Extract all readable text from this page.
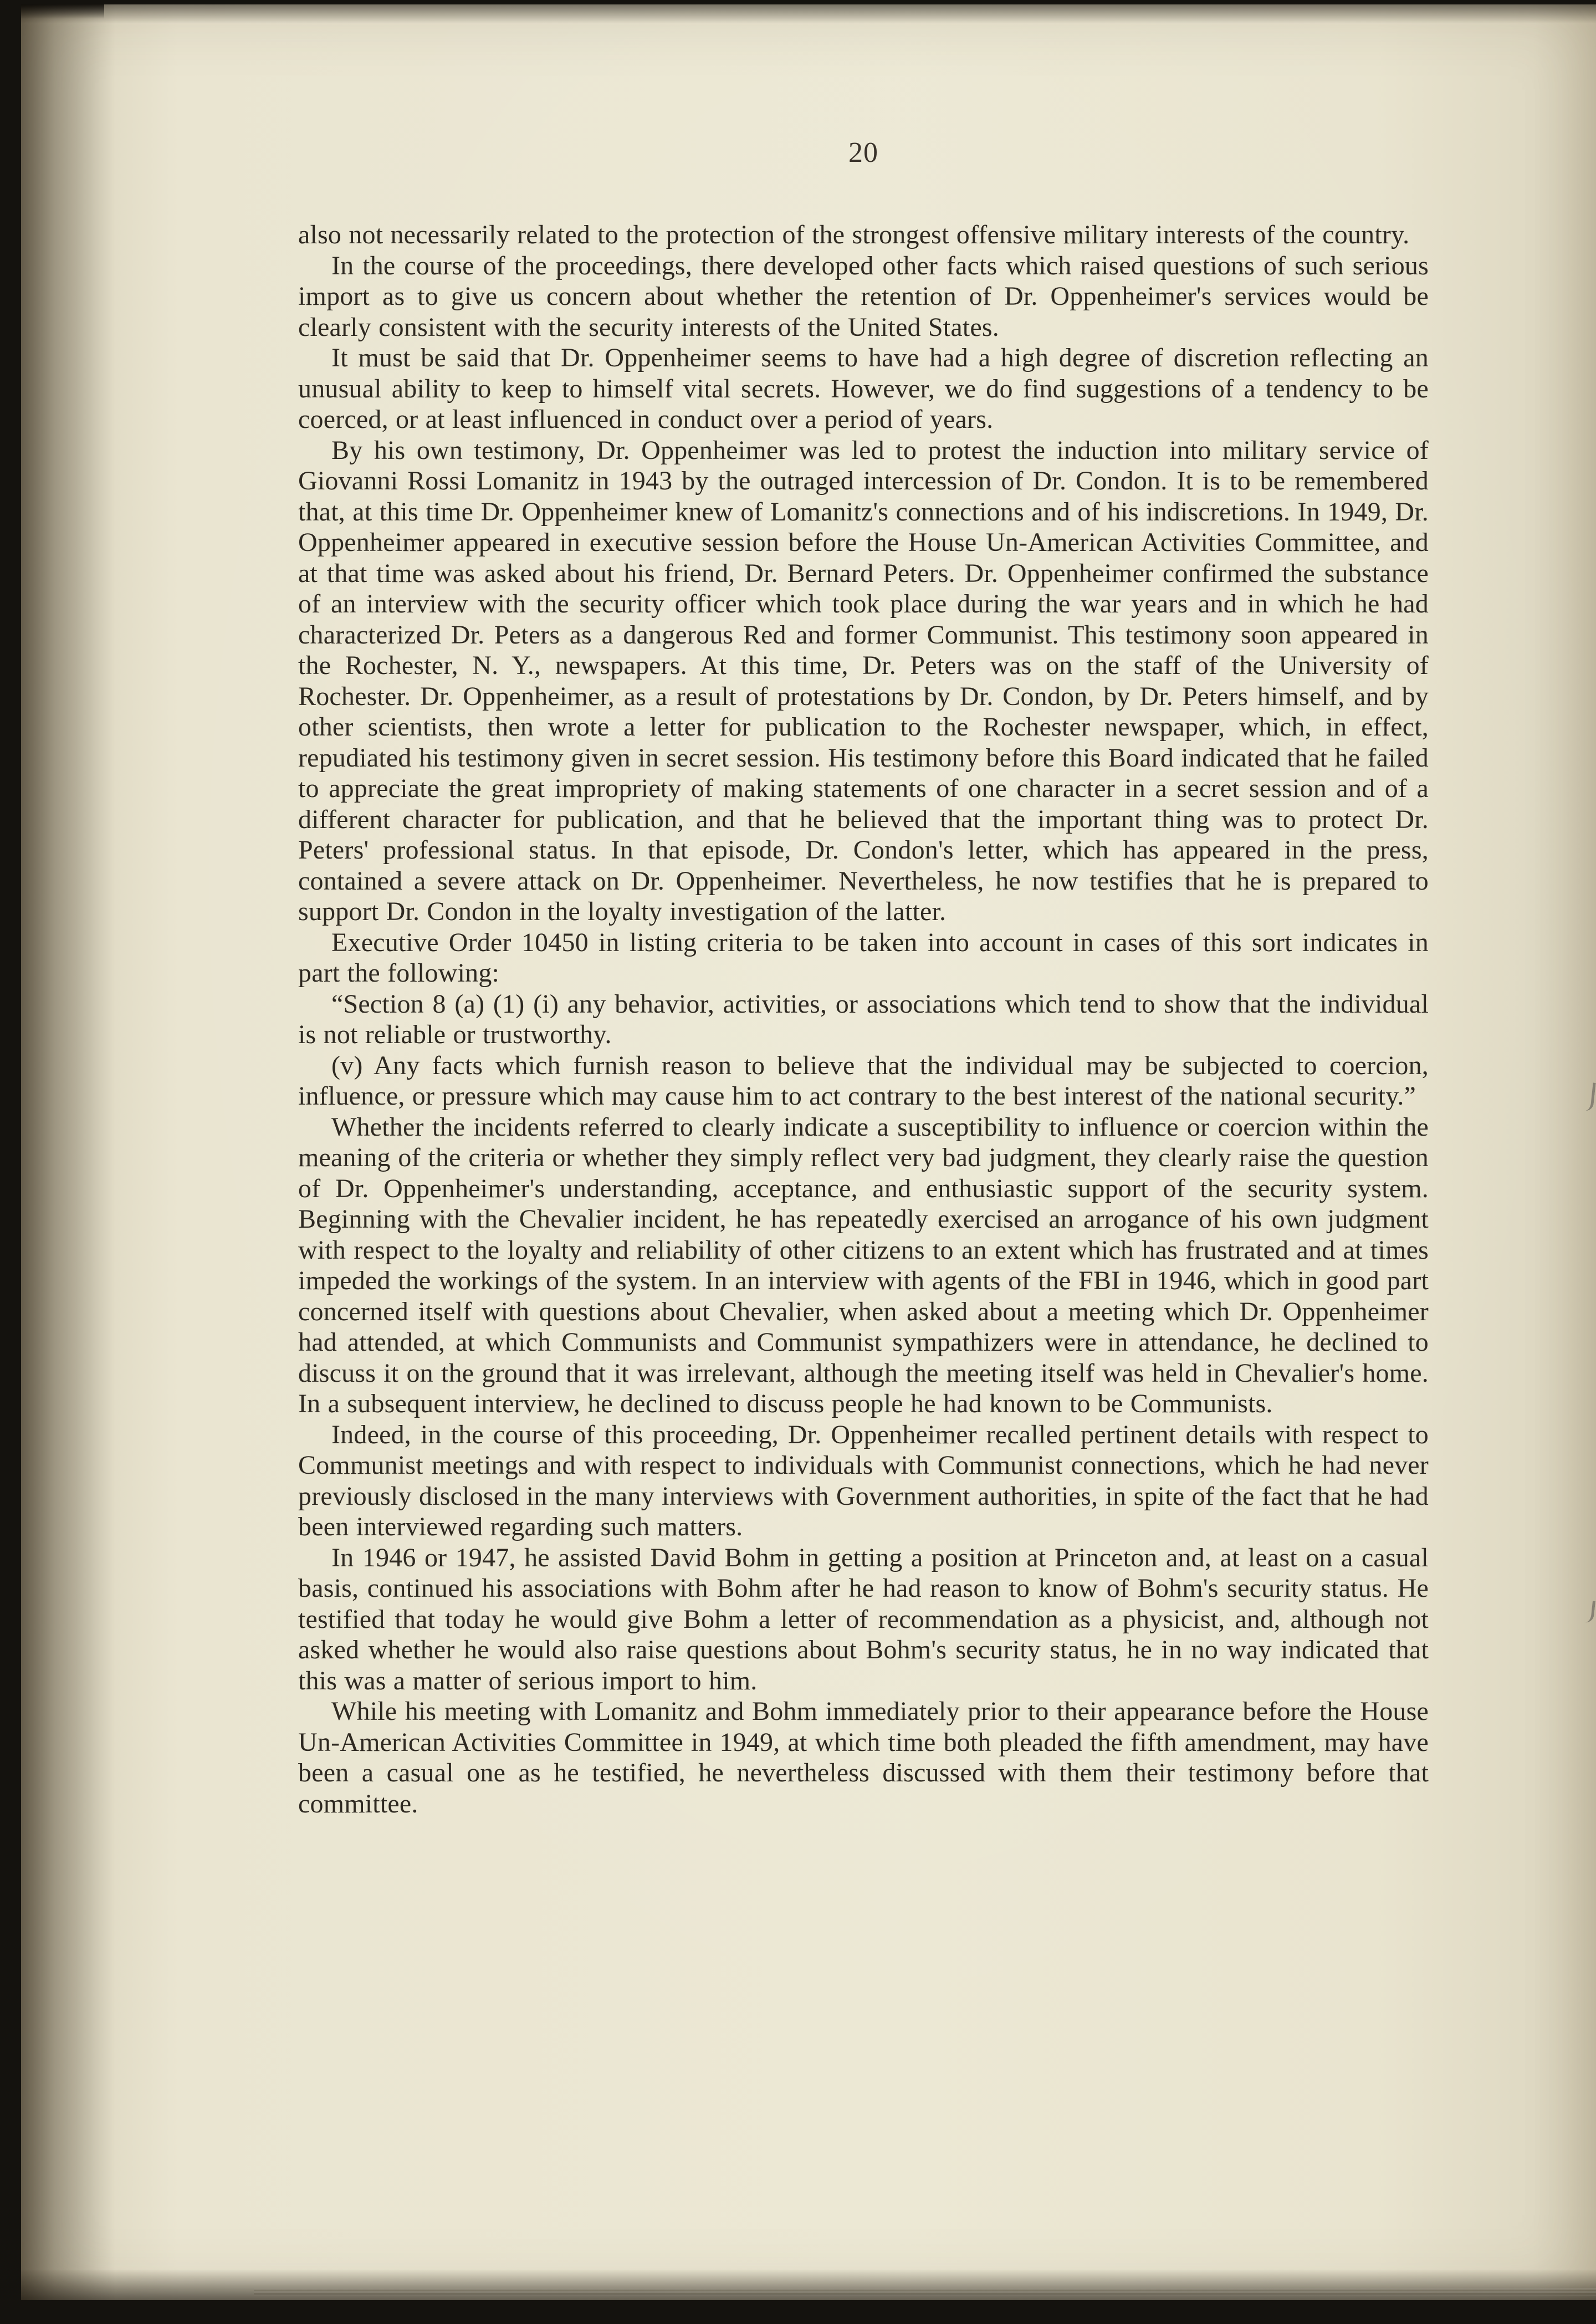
20

also not necessarily related to the protection of the strongest offensive military interests of the country.

In the course of the proceedings, there developed other facts which raised questions of such serious import as to give us concern about whether the retention of Dr. Oppenheimer's services would be clearly consistent with the security interests of the United States.

It must be said that Dr. Oppenheimer seems to have had a high degree of discretion reflecting an unusual ability to keep to himself vital secrets. However, we do find suggestions of a tendency to be coerced, or at least influenced in conduct over a period of years.

By his own testimony, Dr. Oppenheimer was led to protest the induction into military service of Giovanni Rossi Lomanitz in 1943 by the outraged intercession of Dr. Condon. It is to be remembered that, at this time Dr. Oppenheimer knew of Lomanitz's connections and of his indiscretions. In 1949, Dr. Oppenheimer appeared in executive session before the House Un-American Activities Committee, and at that time was asked about his friend, Dr. Bernard Peters. Dr. Oppenheimer confirmed the substance of an interview with the security officer which took place during the war years and in which he had characterized Dr. Peters as a dangerous Red and former Communist. This testimony soon appeared in the Rochester, N. Y., newspapers. At this time, Dr. Peters was on the staff of the University of Rochester. Dr. Oppenheimer, as a result of protestations by Dr. Condon, by Dr. Peters himself, and by other scientists, then wrote a letter for publication to the Rochester newspaper, which, in effect, repudiated his testimony given in secret session. His testimony before this Board indicated that he failed to appreciate the great impropriety of making statements of one character in a secret session and of a different character for publication, and that he believed that the important thing was to protect Dr. Peters' professional status. In that episode, Dr. Condon's letter, which has appeared in the press, contained a severe attack on Dr. Oppenheimer. Nevertheless, he now testifies that he is prepared to support Dr. Condon in the loyalty investigation of the latter.

Executive Order 10450 in listing criteria to be taken into account in cases of this sort indicates in part the following:

“Section 8 (a) (1) (i) any behavior, activities, or associations which tend to show that the individual is not reliable or trustworthy.

(v) Any facts which furnish reason to believe that the individual may be subjected to coercion, influence, or pressure which may cause him to act contrary to the best interest of the national security.”

Whether the incidents referred to clearly indicate a susceptibility to influence or coercion within the meaning of the criteria or whether they simply reflect very bad judgment, they clearly raise the question of Dr. Oppenheimer's understanding, acceptance, and enthusiastic support of the security system. Beginning with the Chevalier incident, he has repeatedly exercised an arrogance of his own judgment with respect to the loyalty and reliability of other citizens to an extent which has frustrated and at times impeded the workings of the system. In an interview with agents of the FBI in 1946, which in good part concerned itself with questions about Chevalier, when asked about a meeting which Dr. Oppenheimer had attended, at which Communists and Communist sympathizers were in attendance, he declined to discuss it on the ground that it was irrelevant, although the meeting itself was held in Chevalier's home. In a subsequent interview, he declined to discuss people he had known to be Communists.

Indeed, in the course of this proceeding, Dr. Oppenheimer recalled pertinent details with respect to Communist meetings and with respect to individuals with Communist connections, which he had never previously disclosed in the many interviews with Government authorities, in spite of the fact that he had been interviewed regarding such matters.

In 1946 or 1947, he assisted David Bohm in getting a position at Princeton and, at least on a casual basis, continued his associations with Bohm after he had reason to know of Bohm's security status. He testified that today he would give Bohm a letter of recommendation as a physicist, and, although not asked whether he would also raise questions about Bohm's security status, he in no way indicated that this was a matter of serious import to him.

While his meeting with Lomanitz and Bohm immediately prior to their appearance before the House Un-American Activities Committee in 1949, at which time both pleaded the fifth amendment, may have been a casual one as he testified, he nevertheless discussed with them their testimony before that committee.
